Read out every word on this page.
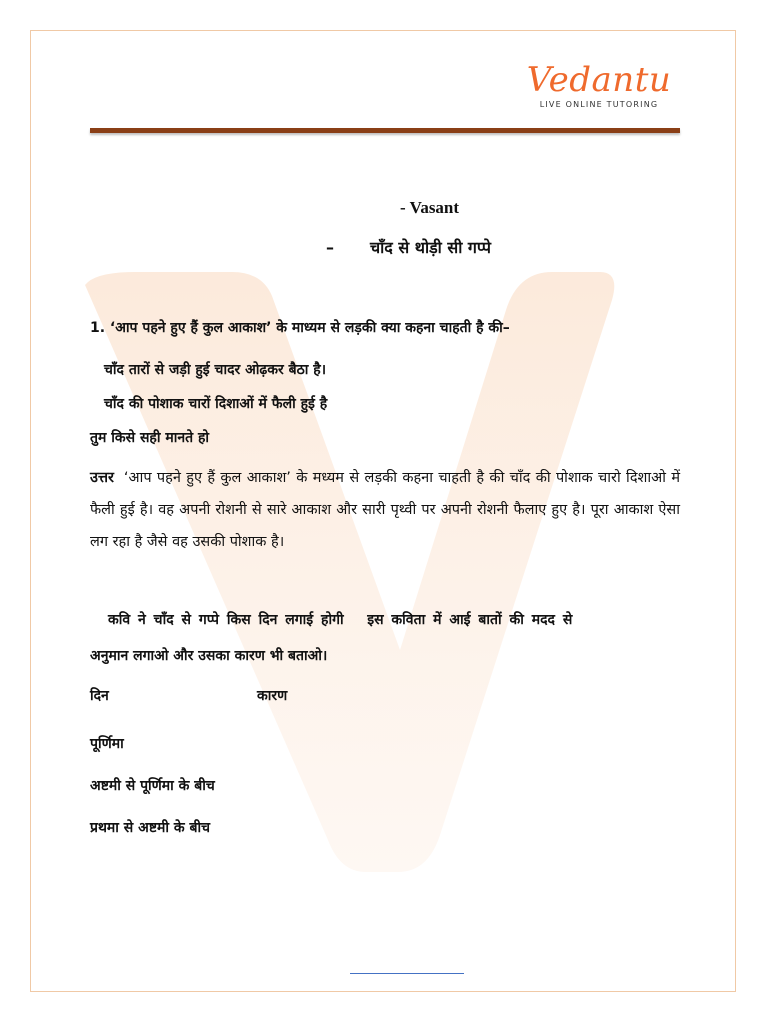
Vedantu
LIVE ONLINE TUTORING
- Vasant
– चाँद से थोड़ी सी गप्पे
1. ‘आप पहने हुए हैं कुल आकाश’ के माध्यम से लड़की क्या कहना चाहती है की–
चाँद तारों से जड़ी हुई चादर ओढ़कर बैठा है।
चाँद की पोशाक चारों दिशाओं में फैली हुई है
तुम किसे सही मानते हो
उत्तर ‘आप पहने हुए हैं कुल आकाश’ के मध्यम से लड़की कहना चाहती है की चाँद की पोशाक चारो दिशाओ में फैली हुई है। वह अपनी रोशनी से सारे आकाश और सारी पृथ्वी पर अपनी रोशनी फैलाए हुए है। पूरा आकाश ऐसा लग रहा है जैसे वह उसकी पोशाक है।
कवि ने चाँद से गप्पे किस दिन लगाई होगी   इस कविता में आई बातों की मदद से
अनुमान लगाओ और उसका कारण भी बताओ।
दिन	कारण
पूर्णिमा
अष्टमी से पूर्णिमा के बीच
प्रथमा से अष्टमी के बीच
